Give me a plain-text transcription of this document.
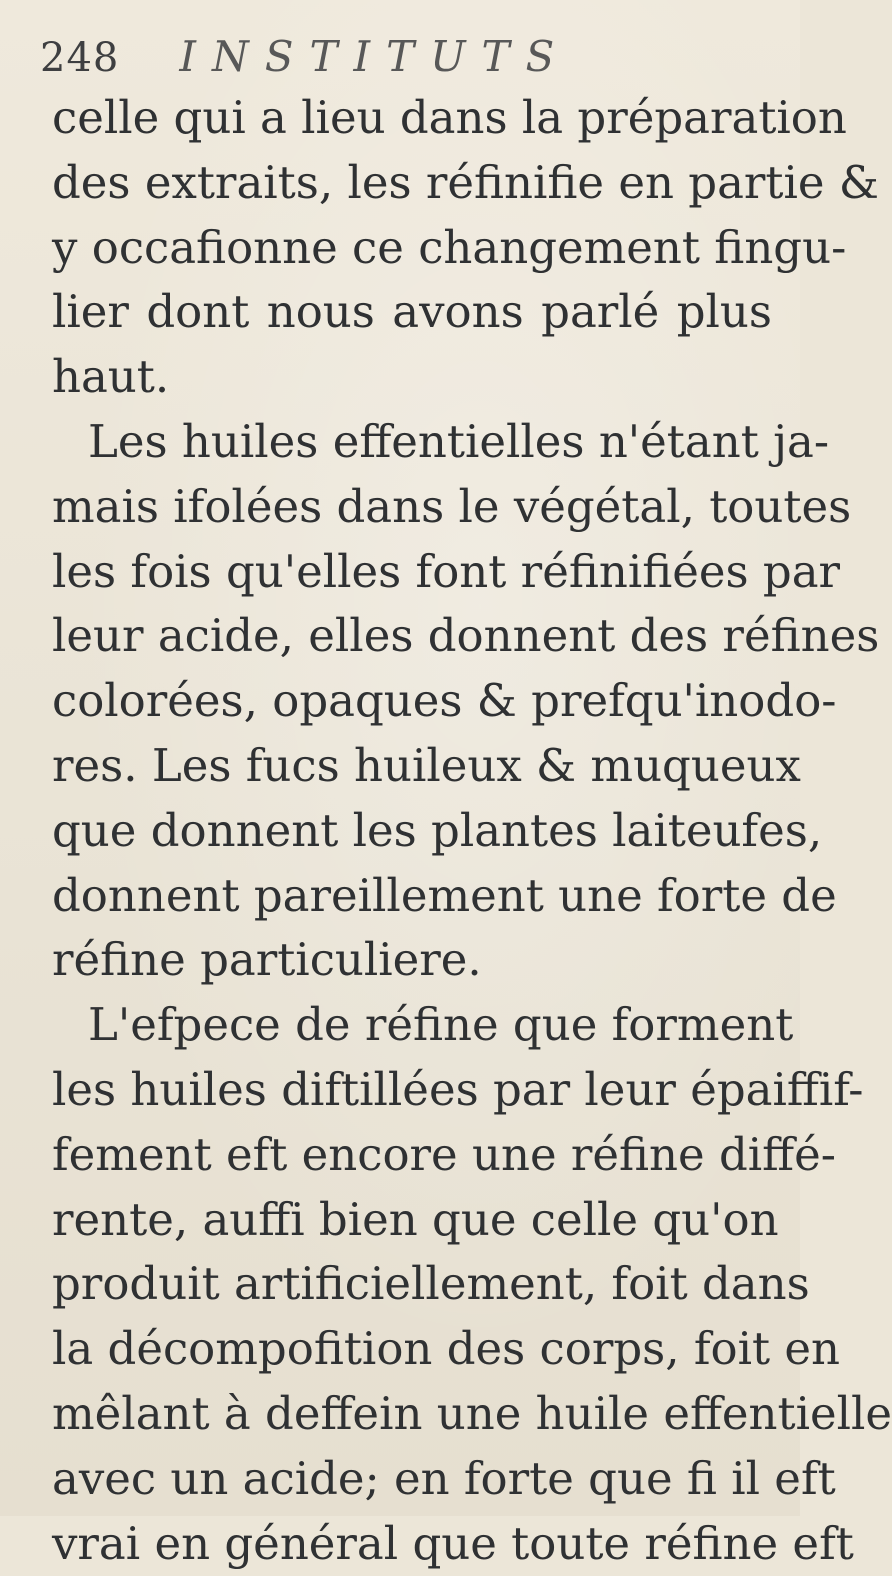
248 INSTITUTS
celle qui a lieu dans la préparation
des extraits, les réfinifie en partie &
y occafionne ce changement fingu-
lier dont nous avons parlé plus
haut.
Les huiles effentielles n'étant ja-
mais ifolées dans le végétal, toutes
les fois qu'elles font réfinifiées par
leur acide, elles donnent des réfines
colorées, opaques & prefqu'inodo-
res. Les fucs huileux & muqueux
que donnent les plantes laiteufes,
donnent pareillement une forte de
réfine particuliere.
L'efpece de réfine que forment
les huiles diftillées par leur épaiffif-
fement eft encore une réfine diffé-
rente, auffi bien que celle qu'on
produit artificiellement, foit dans
la décompofition des corps, foit en
mêlant à deffein une huile effentielle
avec un acide; en forte que fi il eft
vrai en général que toute réfine eft
